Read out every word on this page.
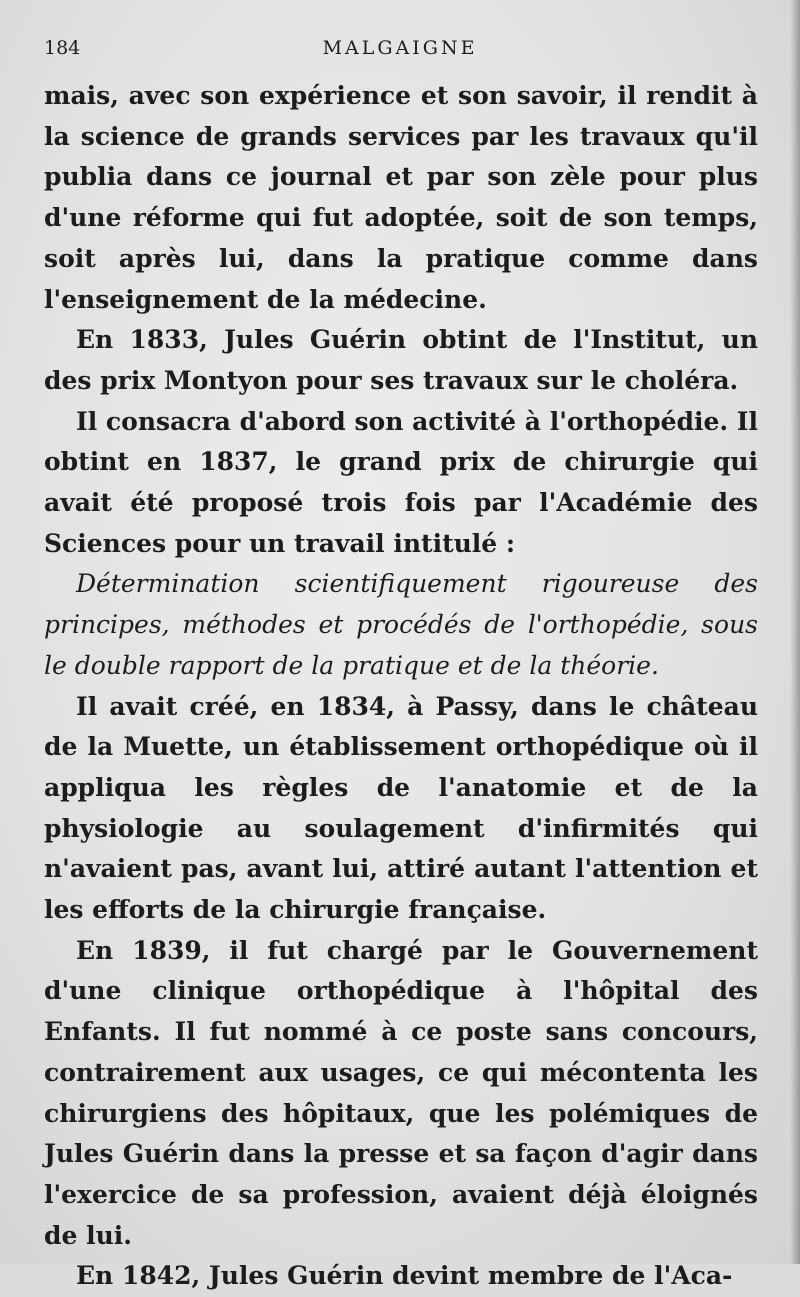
184	MALGAIGNE

mais, avec son expérience et son savoir, il rendit à la science de grands services par les travaux qu'il publia dans ce journal et par son zèle pour plus d'une réforme qui fut adoptée, soit de son temps, soit après lui, dans la pratique comme dans l'enseignement de la médecine.

En 1833, Jules Guérin obtint de l'Institut, un des prix Montyon pour ses travaux sur le choléra.

Il consacra d'abord son activité à l'orthopédie. Il obtint en 1837, le grand prix de chirurgie qui avait été proposé trois fois par l'Académie des Sciences pour un travail intitulé :

Détermination scientifiquement rigoureuse des principes, méthodes et procédés de l'orthopédie, sous le double rapport de la pratique et de la théorie.

Il avait créé, en 1834, à Passy, dans le château de la Muette, un établissement orthopédique où il appliqua les règles de l'anatomie et de la physiologie au soulagement d'infirmités qui n'avaient pas, avant lui, attiré autant l'attention et les efforts de la chirurgie française.

En 1839, il fut chargé par le Gouvernement d'une clinique orthopédique à l'hôpital des Enfants. Il fut nommé à ce poste sans concours, contrairement aux usages, ce qui mécontenta les chirurgiens des hôpitaux, que les polémiques de Jules Guérin dans la presse et sa façon d'agir dans l'exercice de sa profession, avaient déjà éloignés de lui.

En 1842, Jules Guérin devint membre de l'Aca-
